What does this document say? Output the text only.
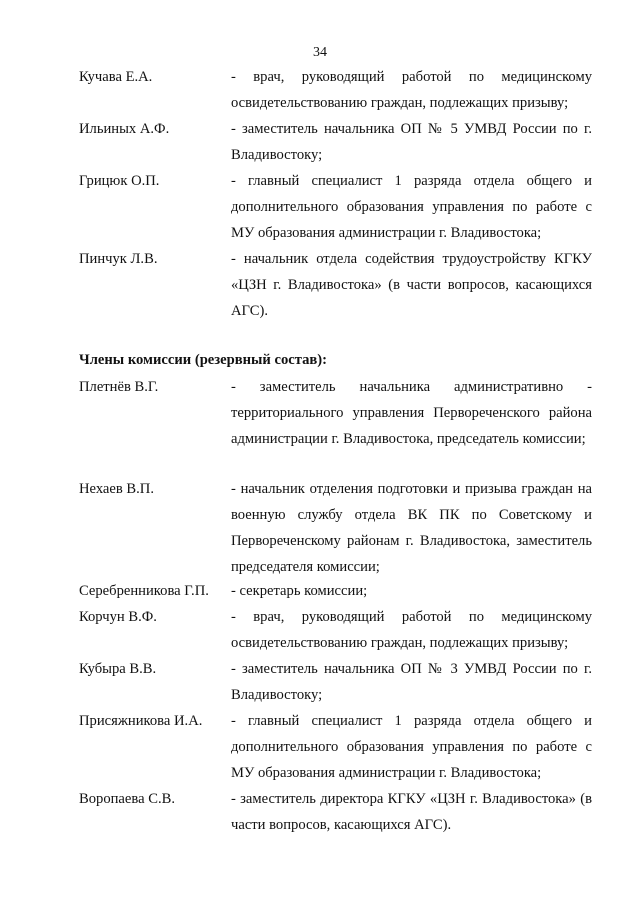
34
Кучава Е.А.	- врач, руководящий работой по медицинскому освидетельствованию граждан, подлежащих призыву;
Ильиных А.Ф.	- заместитель начальника ОП № 5 УМВД России по г. Владивостоку;
Грицюк О.П.	- главный специалист 1 разряда отдела общего и дополнительного образования управления по работе с МУ образования администрации г. Владивостока;
Пинчук Л.В.	- начальник отдела содействия трудоустройству КГКУ «ЦЗН г. Владивостока» (в части вопросов, касающихся АГС).
Члены комиссии (резервный состав):
Плетнёв В.Г.	- заместитель начальника административно - территориального управления Первореченского района администрации г. Владивостока, председатель комиссии;
Нехаев В.П.	- начальник отделения подготовки и призыва граждан на военную службу отдела ВК ПК по Советскому и Первореченскому районам г. Владивостока, заместитель председателя комиссии;
Серебренникова Г.П.	- секретарь комиссии;
Корчун В.Ф.	- врач, руководящий работой по медицинскому освидетельствованию граждан, подлежащих призыву;
Кубыра В.В.	- заместитель начальника ОП № 3 УМВД России по г. Владивостоку;
Присяжникова И.А.	- главный специалист 1 разряда отдела общего и дополнительного образования управления по работе с МУ образования администрации г. Владивостока;
Воропаева С.В.	- заместитель директора КГКУ «ЦЗН г. Владивостока» (в части вопросов, касающихся АГС).
